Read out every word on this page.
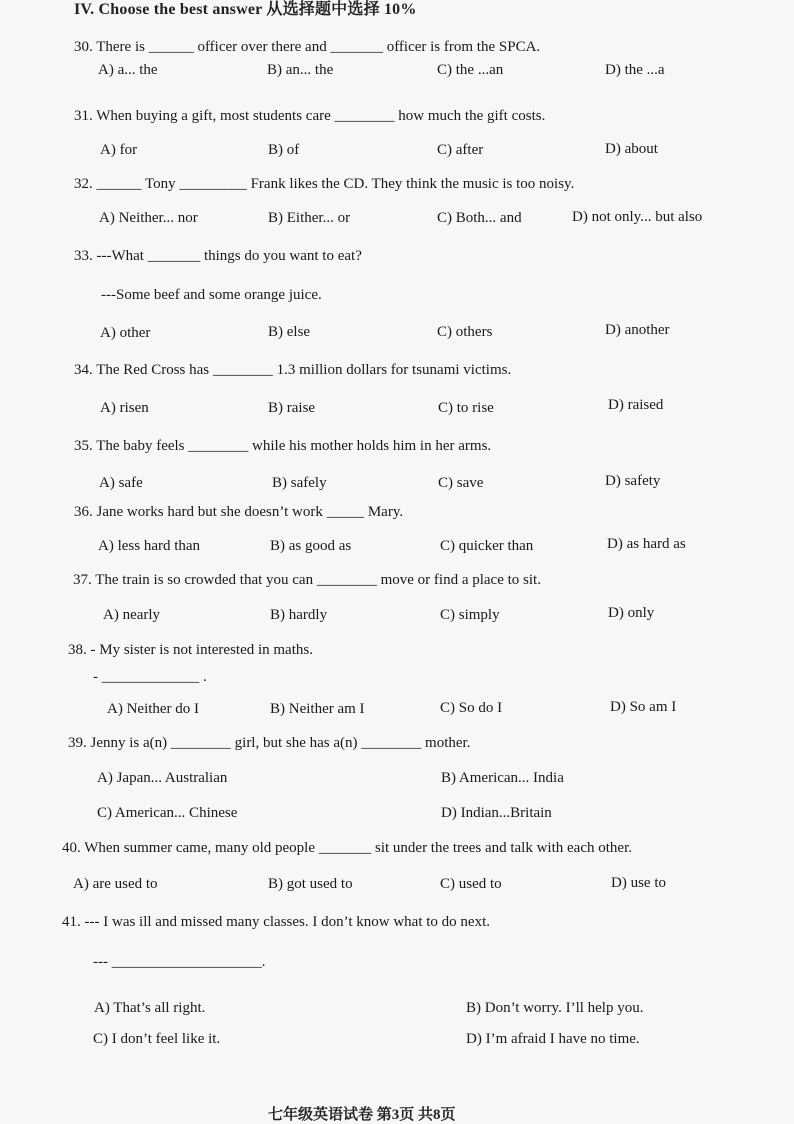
IV. Choose the best answer 从选择题中选择 10%
30. There is ______ officer over there and _______ officer is from the SPCA.
A) a... the	B) an... the	C) the ...an	D) the ...a
31. When buying a gift, most students care ________ how much the gift costs.
A) for	B) of	C) after	D) about
32. ______ Tony _________ Frank likes the CD. They think the music is too noisy.
A) Neither... nor	B) Either... or	C) Both... and	D) not only... but also
33. ---What _______ things do you want to eat?
---Some beef and some orange juice.
A) other	B) else	C) others	D) another
34. The Red Cross has ________ 1.3 million dollars for tsunami victims.
A) risen	B) raise	C) to rise	D) raised
35. The baby feels ________ while his mother holds him in her arms.
A) safe	B) safely	C) save	D) safety
36. Jane works hard but she doesn’t work _____ Mary.
A) less hard than	B) as good as	C) quicker than	D) as hard as
37. The train is so crowded that you can ________ move or find a place to sit.
A) nearly	B) hardly	C) simply	D) only
38. - My sister is not interested in maths.
- _____________ .
A) Neither do I	B) Neither am I	C) So do I	D) So am I
39. Jenny is a(n) ________ girl, but she has a(n) ________ mother.
A) Japan... Australian	B) American... India
C) American... Chinese	D) Indian...Britain
40. When summer came, many old people _______ sit under the trees and talk with each other.
A) are used to	B) got used to	C) used to	D) use to
41. --- I was ill and missed many classes. I don’t know what to do next.
--- ____________________.
A) That’s all right.	B) Don’t worry. I’ll help you.
C) I don’t feel like it.	D) I’m afraid I have no time.
七年级英语试卷 第3页 共8页
